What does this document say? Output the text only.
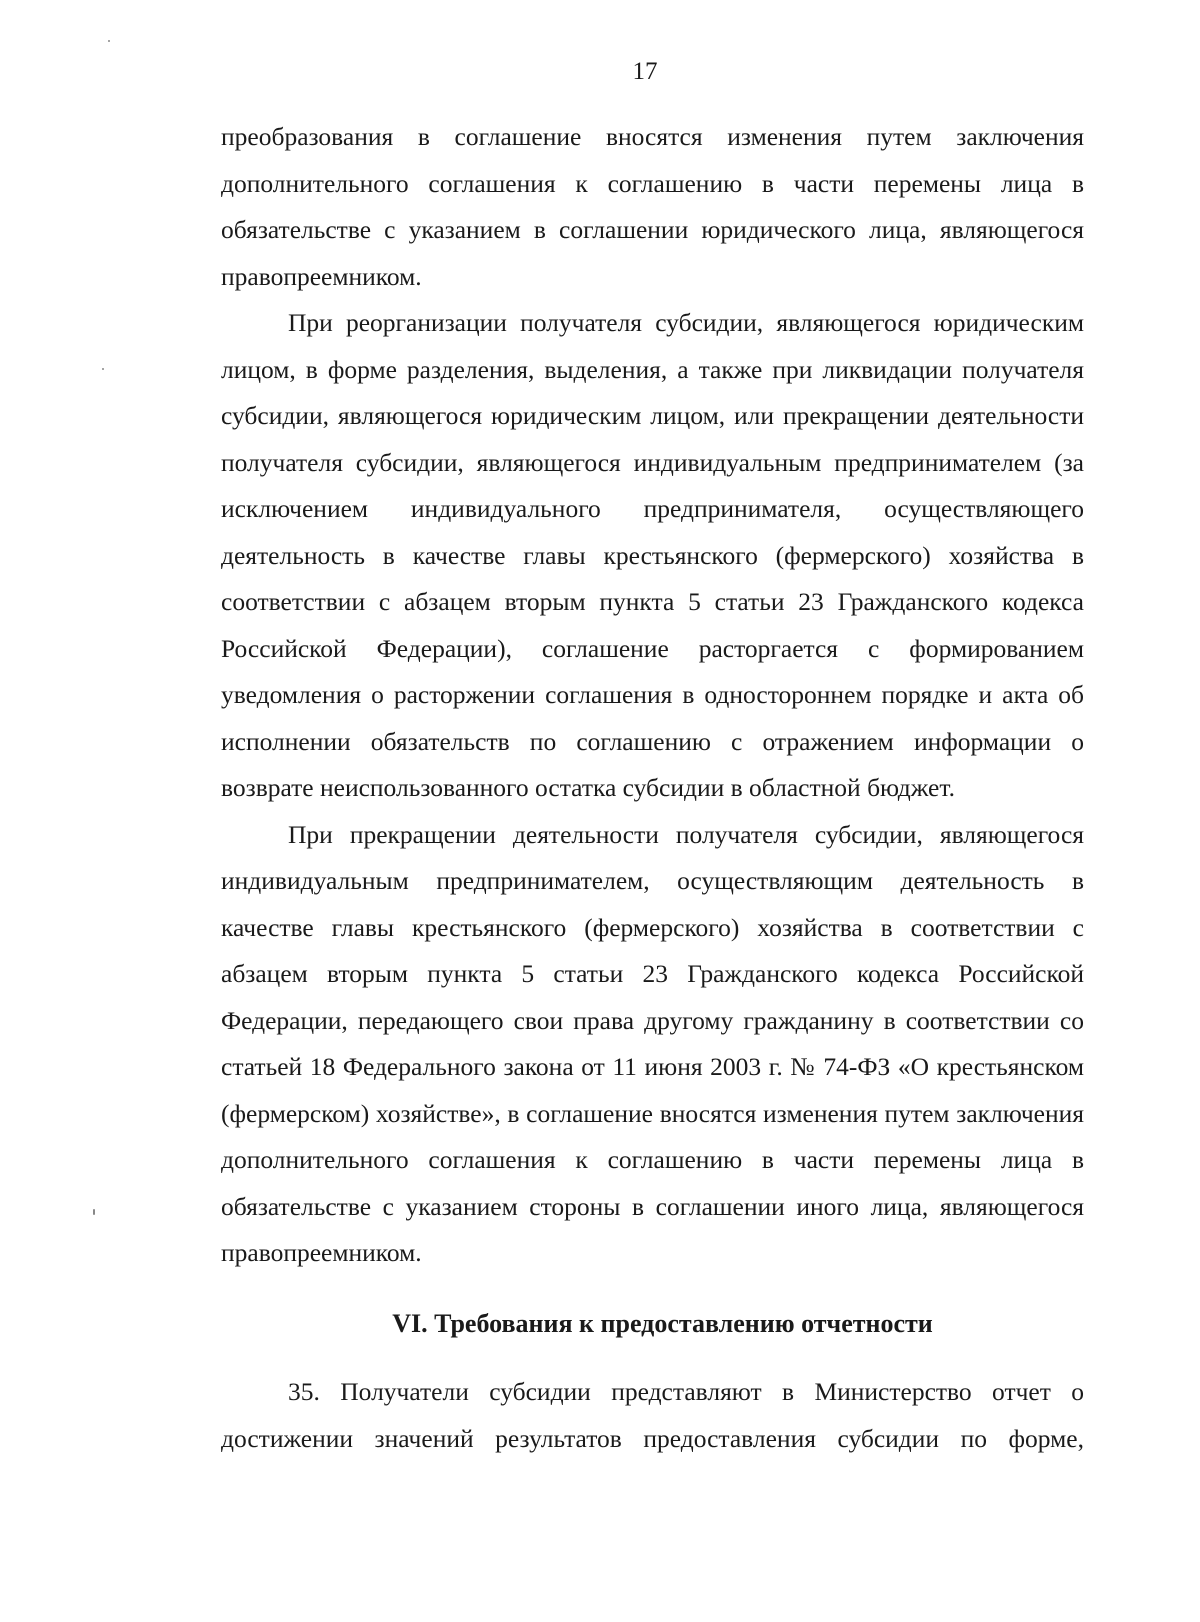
17

преобразования в соглашение вносятся изменения путем заключения дополнительного соглашения к соглашению в части перемены лица в обязательстве с указанием в соглашении юридического лица, являющегося правопреемником.

При реорганизации получателя субсидии, являющегося юридическим лицом, в форме разделения, выделения, а также при ликвидации получателя субсидии, являющегося юридическим лицом, или прекращении деятельности получателя субсидии, являющегося индивидуальным предпринимателем (за исключением индивидуального предпринимателя, осуществляющего деятельность в качестве главы крестьянского (фермерского) хозяйства в соответствии с абзацем вторым пункта 5 статьи 23 Гражданского кодекса Российской Федерации), соглашение расторгается с формированием уведомления о расторжении соглашения в одностороннем порядке и акта об исполнении обязательств по соглашению с отражением информации о возврате неиспользованного остатка субсидии в областной бюджет.

При прекращении деятельности получателя субсидии, являющегося индивидуальным предпринимателем, осуществляющим деятельность в качестве главы крестьянского (фермерского) хозяйства в соответствии с абзацем вторым пункта 5 статьи 23 Гражданского кодекса Российской Федерации, передающего свои права другому гражданину в соответствии со статьей 18 Федерального закона от 11 июня 2003 г. № 74-ФЗ «О крестьянском (фермерском) хозяйстве», в соглашение вносятся изменения путем заключения дополнительного соглашения к соглашению в части перемены лица в обязательстве с указанием стороны в соглашении иного лица, являющегося правопреемником.

VI. Требования к предоставлению отчетности

35. Получатели субсидии представляют в Министерство отчет о достижении значений результатов предоставления субсидии по форме,
